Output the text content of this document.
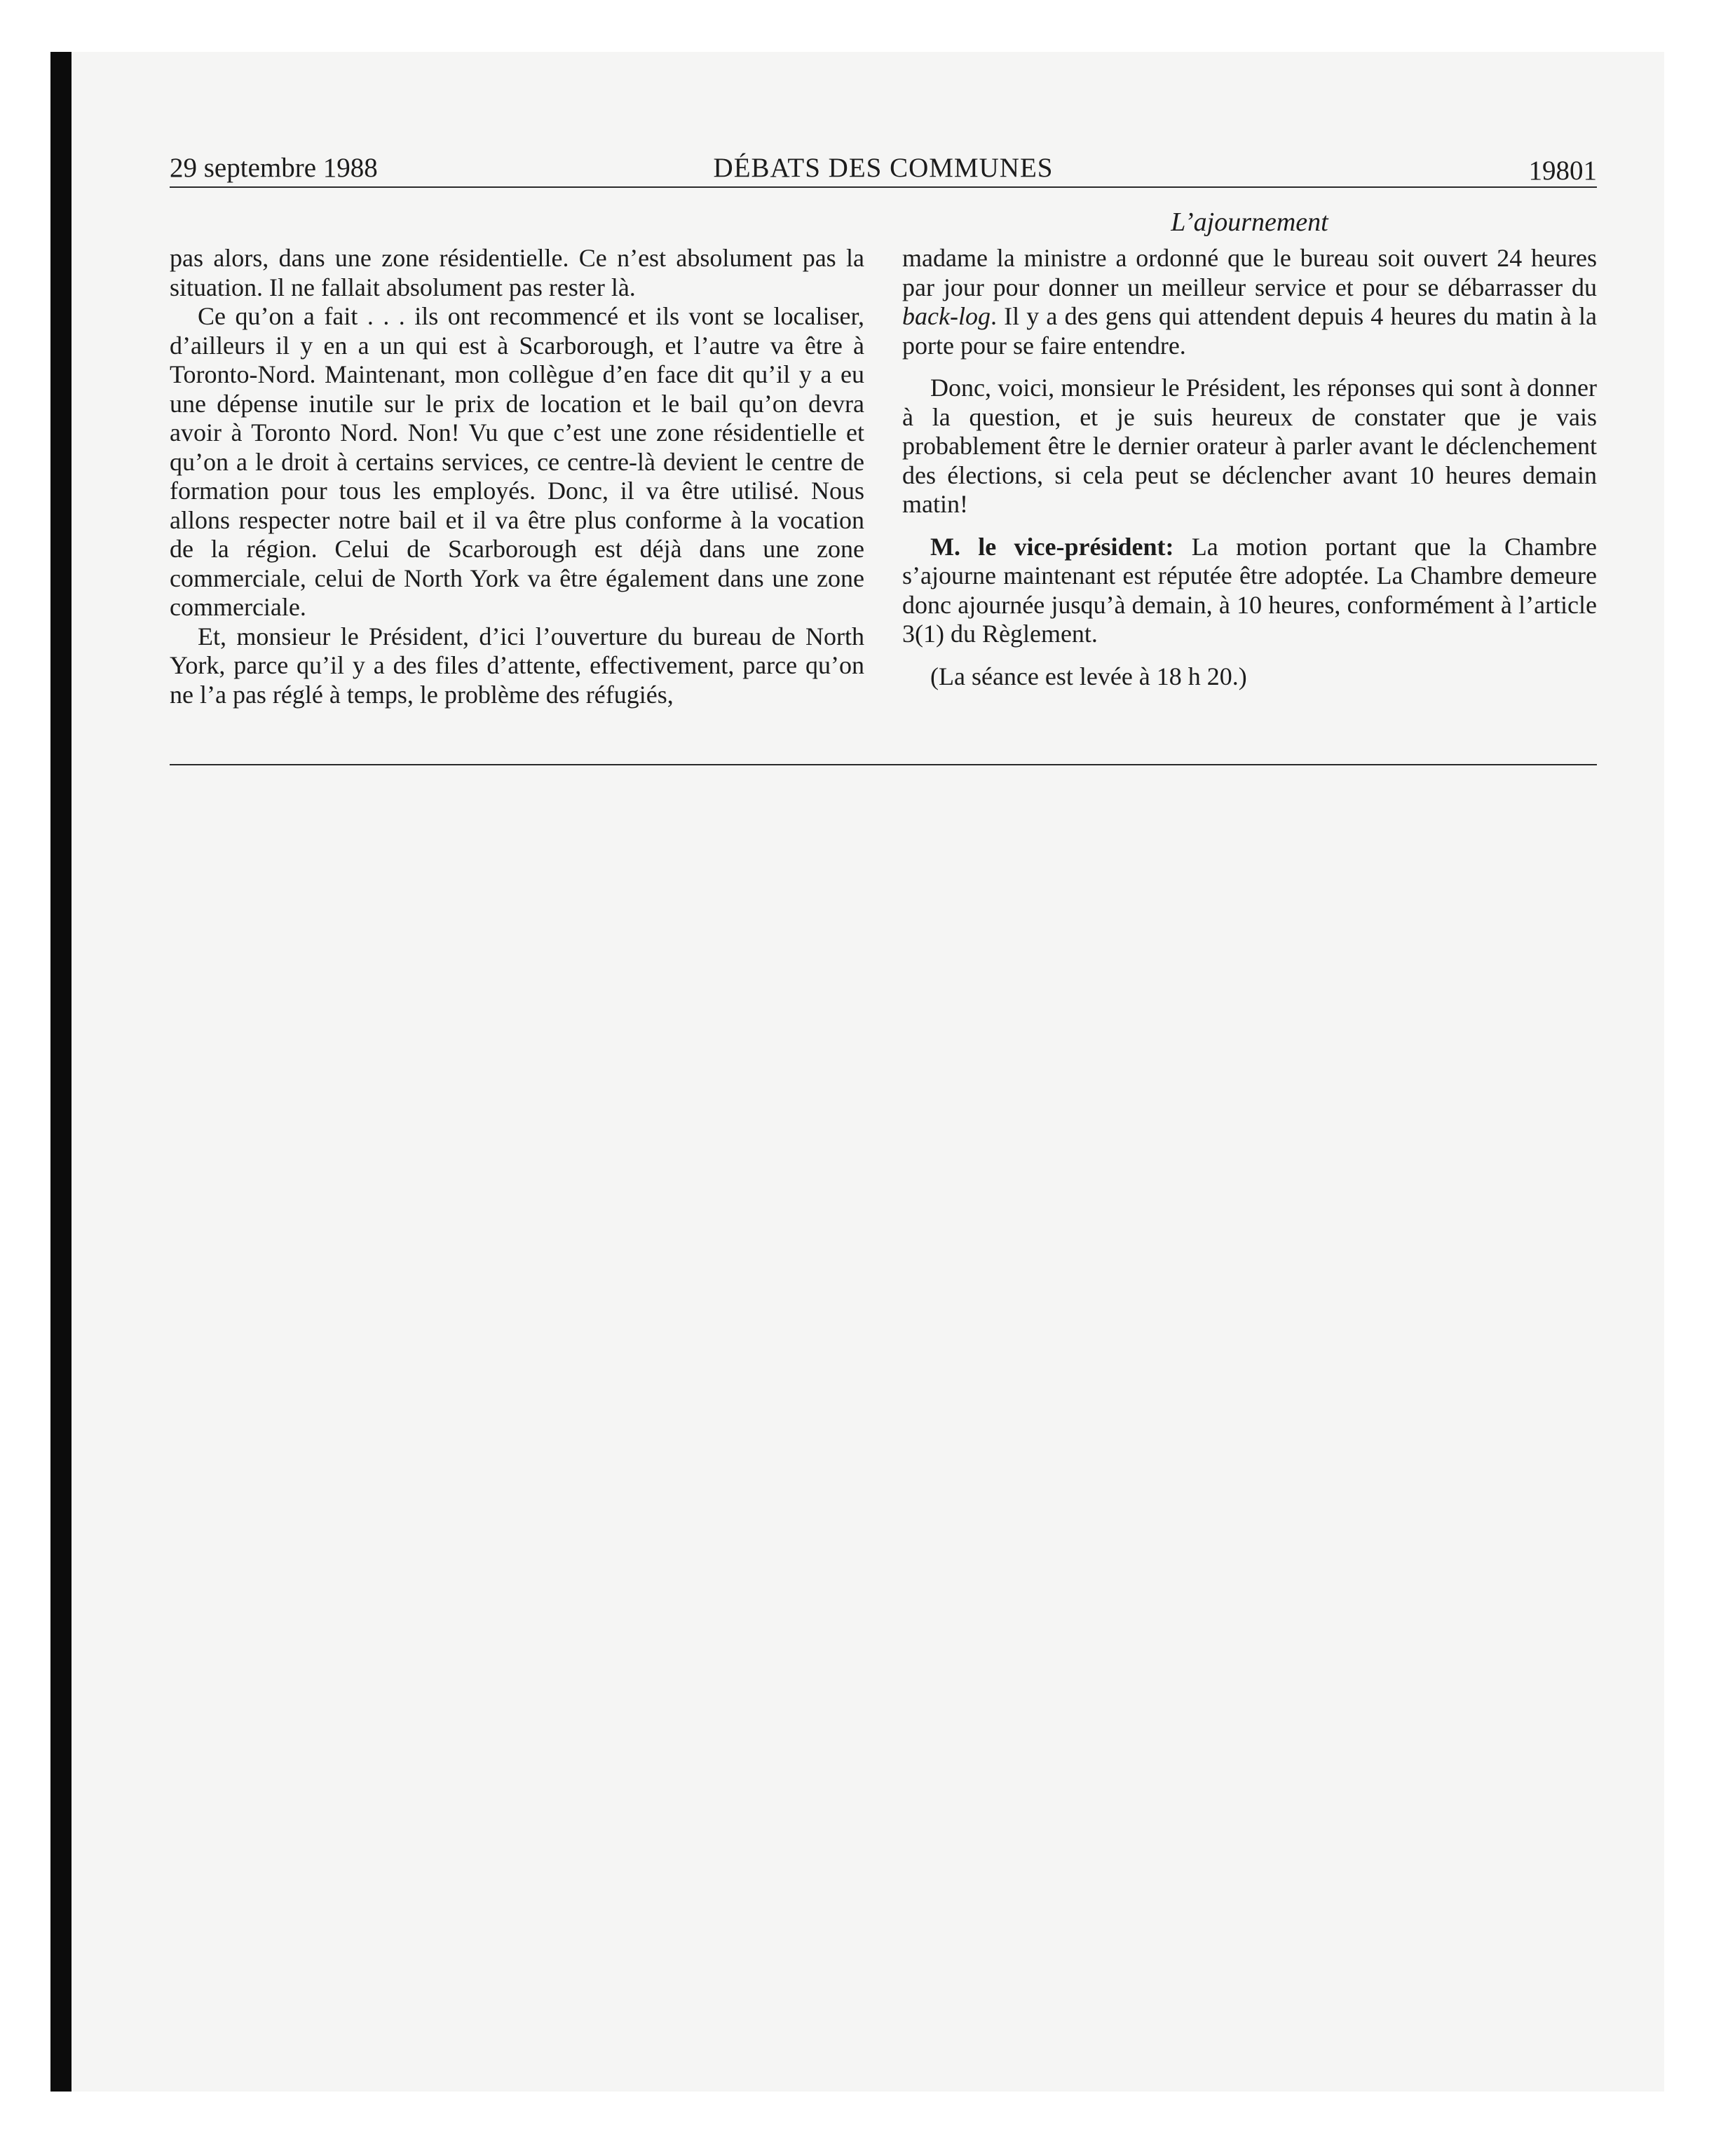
29 septembre 1988	DÉBATS DES COMMUNES	19801
L’ajournement

pas alors, dans une zone résidentielle. Ce n’est absolument pas la situation. Il ne fallait absolument pas rester là.

Ce qu’on a fait . . . ils ont recommencé et ils vont se localiser, d’ailleurs il y en a un qui est à Scarborough, et l’autre va être à Toronto-Nord. Maintenant, mon collègue d’en face dit qu’il y a eu une dépense inutile sur le prix de location et le bail qu’on devra avoir à Toronto Nord. Non! Vu que c’est une zone résidentielle et qu’on a le droit à certains services, ce centre-là devient le centre de formation pour tous les employés. Donc, il va être utilisé. Nous allons respecter notre bail et il va être plus conforme à la vocation de la région. Celui de Scarborough est déjà dans une zone commerciale, celui de North York va être également dans une zone commerciale.

Et, monsieur le Président, d’ici l’ouverture du bureau de North York, parce qu’il y a des files d’attente, effectivement, parce qu’on ne l’a pas réglé à temps, le problème des réfugiés,

madame la ministre a ordonné que le bureau soit ouvert 24 heures par jour pour donner un meilleur service et pour se débarrasser du back-log. Il y a des gens qui attendent depuis 4 heures du matin à la porte pour se faire entendre.

Donc, voici, monsieur le Président, les réponses qui sont à donner à la question, et je suis heureux de constater que je vais probablement être le dernier orateur à parler avant le déclenchement des élections, si cela peut se déclencher avant 10 heures demain matin!

M. le vice-président: La motion portant que la Chambre s’ajourne maintenant est réputée être adoptée. La Chambre demeure donc ajournée jusqu’à demain, à 10 heures, conformément à l’article 3(1) du Règlement.

(La séance est levée à 18 h 20.)
